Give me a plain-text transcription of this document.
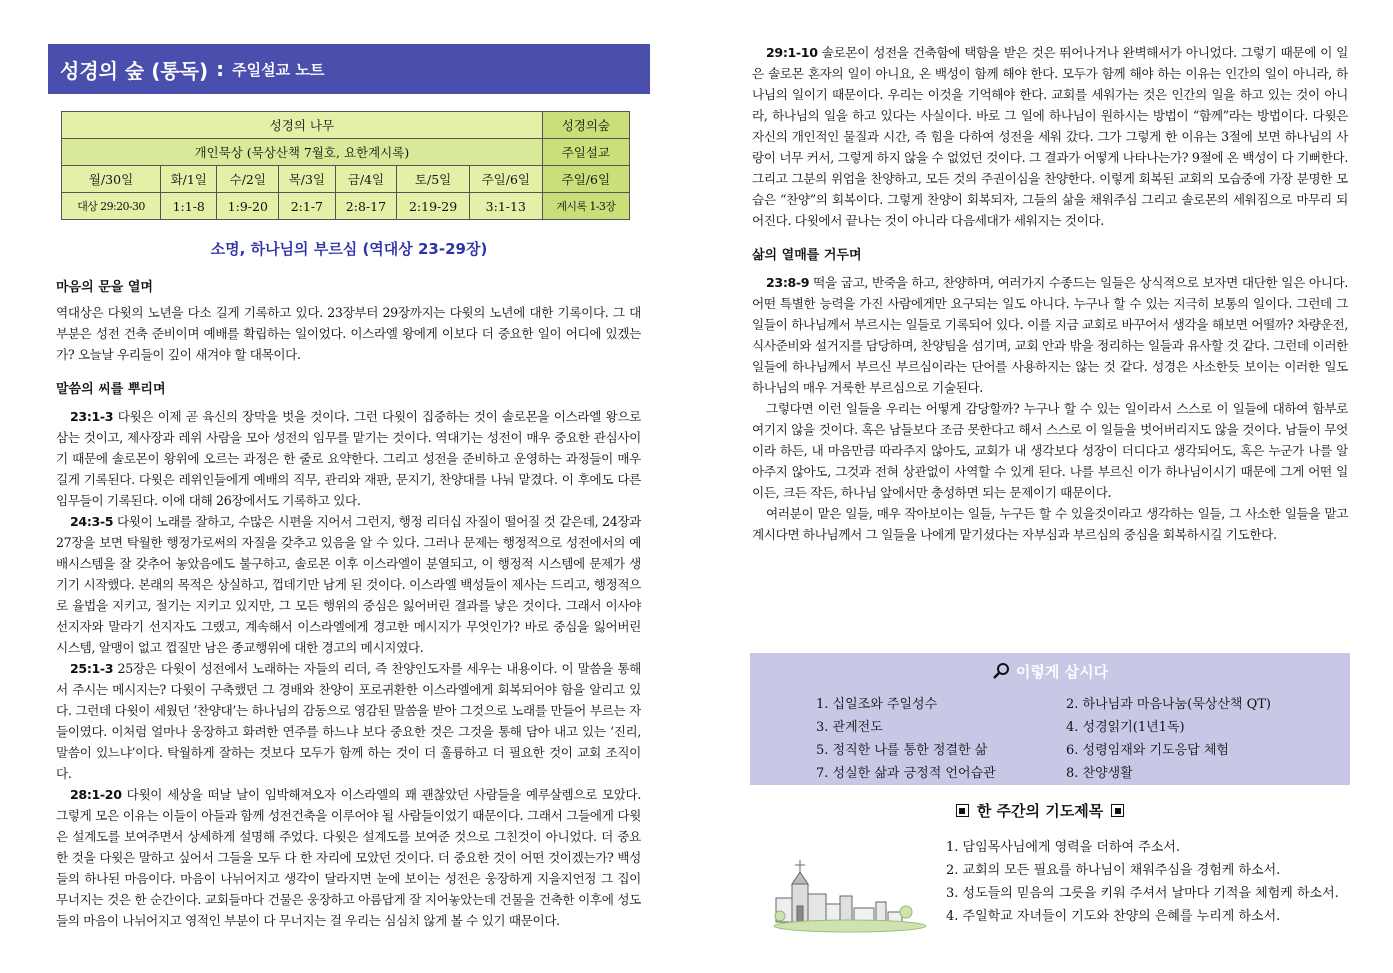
성경의 숲 (통독) : 주일설교 노트
성경의 나무							성경의숲
개인묵상 (묵상산책 7월호, 요한계시록)							주일설교
월/30일	화/1일	수/2일	목/3일	금/4일	토/5일	주일/6일	주일/6일
대상 29:20-30	1:1-8	1:9-20	2:1-7	2:8-17	2:19-29	3:1-13	계시록 1-3장
소명, 하나님의 부르심 (역대상 23-29장)
마음의 문을 열며
역대상은 다윗의 노년을 다소 길게 기록하고 있다. 23장부터 29장까지는 다윗의 노년에 대한 기록이다. 그 대부분은 성전 건축 준비이며 예배를 확립하는 일이었다. 이스라엘 왕에게 이보다 더 중요한 일이 어디에 있겠는가? 오늘날 우리들이 깊이 새겨야 할 대목이다.
말씀의 씨를 뿌리며
23:1-3 다윗은 이제 곧 육신의 장막을 벗을 것이다. 그런 다윗이 집중하는 것이 솔로몬을 이스라엘 왕으로 삼는 것이고, 제사장과 레위 사람을 모아 성전의 임무를 맡기는 것이다. 역대기는 성전이 매우 중요한 관심사이기 때문에 솔로몬이 왕위에 오르는 과정은 한 줄로 요약한다. 그리고 성전을 준비하고 운영하는 과정들이 매우 길게 기록된다. 다윗은 레위인들에게 예배의 직무, 관리와 재판, 문지기, 찬양대를 나눠 맡겼다. 이 후에도 다른 임무들이 기록된다. 이에 대해 26장에서도 기록하고 있다.
24:3-5 다윗이 노래를 잘하고, 수많은 시편을 지어서 그런지, 행정 리더십 자질이 떨어질 것 같은데, 24장과 27장을 보면 탁월한 행정가로써의 자질을 갖추고 있음을 알 수 있다. 그러나 문제는 행정적으로 성전에서의 예배시스템을 잘 갖추어 놓았음에도 불구하고, 솔로몬 이후 이스라엘이 분열되고, 이 행정적 시스템에 문제가 생기기 시작했다. 본래의 목적은 상실하고, 껍데기만 남게 된 것이다. 이스라엘 백성들이 제사는 드리고, 행정적으로 율법을 지키고, 절기는 지키고 있지만, 그 모든 행위의 중심은 잃어버린 결과를 낳은 것이다. 그래서 이사야 선지자와 말라기 선지자도 그랬고, 계속해서 이스라엘에게 경고한 메시지가 무엇인가? 바로 중심을 잃어버린 시스템, 알맹이 없고 껍질만 남은 종교행위에 대한 경고의 메시지였다.
25:1-3 25장은 다윗이 성전에서 노래하는 자들의 리더, 즉 찬양인도자를 세우는 내용이다. 이 말씀을 통해서 주시는 메시지는? 다윗이 구축했던 그 경배와 찬양이 포로귀환한 이스라엘에게 회복되어야 함을 알리고 있다. 그런데 다윗이 세웠던 ‘찬양대’는 하나님의 감동으로 영감된 말씀을 받아 그것으로 노래를 만들어 부르는 자들이였다. 이처럼 얼마나 웅장하고 화려한 연주를 하느냐 보다 중요한 것은 그것을 통해 담아 내고 있는 ‘진리, 말씀이 있느냐’이다. 탁월하게 잘하는 것보다 모두가 함께 하는 것이 더 훌륭하고 더 필요한 것이 교회 조직이다.
28:1-20 다윗이 세상을 떠날 날이 임박해져오자 이스라엘의 꽤 괜찮았던 사람들을 예루살렘으로 모았다. 그렇게 모은 이유는 이들이 아들과 함께 성전건축을 이루어야 될 사람들이었기 때문이다. 그래서 그들에게 다윗은 설계도를 보여주면서 상세하게 설명해 주었다. 다윗은 설계도를 보여준 것으로 그친것이 아니었다. 더 중요한 것을 다윗은 말하고 싶어서 그들을 모두 다 한 자리에 모았던 것이다. 더 중요한 것이 어떤 것이겠는가? 백성들의 하나된 마음이다. 마음이 나뉘어지고 생각이 달라지면 눈에 보이는 성전은 웅장하게 지을지언정 그 집이 무너지는 것은 한 순간이다. 교회들마다 건물은 웅장하고 아름답게 잘 지어놓았는데 건물을 건축한 이후에 성도들의 마음이 나뉘어지고 영적인 부분이 다 무너지는 걸 우리는 심심치 않게 볼 수 있기 때문이다.
29:1-10 솔로몬이 성전을 건축함에 택함을 받은 것은 뛰어나거나 완벽해서가 아니었다. 그렇기 때문에 이 일은 솔로몬 혼자의 일이 아니요, 온 백성이 함께 해야 한다. 모두가 함께 해야 하는 이유는 인간의 일이 아니라, 하나님의 일이기 때문이다. 우리는 이것을 기억해야 한다. 교회를 세워가는 것은 인간의 일을 하고 있는 것이 아니라, 하나님의 일을 하고 있다는 사실이다. 바로 그 일에 하나님이 원하시는 방법이 “함께”라는 방법이다. 다윗은 자신의 개인적인 물질과 시간, 즉 힘을 다하여 성전을 세워 갔다. 그가 그렇게 한 이유는 3절에 보면 하나님의 사랑이 너무 커서, 그렇게 하지 않을 수 없었던 것이다. 그 결과가 어떻게 나타나는가? 9절에 온 백성이 다 기뻐한다. 그리고 그분의 위엄을 찬양하고, 모든 것의 주권이심을 찬양한다. 이렇게 회복된 교회의 모습중에 가장 분명한 모습은 “찬양”의 회복이다. 그렇게 찬양이 회복되자, 그들의 삶을 채워주심 그리고 솔로몬의 세워짐으로 마무리 되어진다. 다윗에서 끝나는 것이 아니라 다음세대가 세워지는 것이다.
삶의 열매를 거두며
23:8-9 떡을 굽고, 반죽을 하고, 찬양하며, 여러가지 수종드는 일들은 상식적으로 보자면 대단한 일은 아니다. 어떤 특별한 능력을 가진 사람에게만 요구되는 일도 아니다. 누구나 할 수 있는 지극히 보통의 일이다. 그런데 그 일들이 하나님께서 부르시는 일들로 기록되어 있다. 이를 지금 교회로 바꾸어서 생각을 해보면 어떨까? 차량운전, 식사준비와 설거지를 담당하며, 찬양팀을 섬기며, 교회 안과 밖을 정리하는 일들과 유사할 것 같다. 그런데 이러한 일들에 하나님께서 부르신 부르심이라는 단어를 사용하지는 않는 것 같다. 성경은 사소한듯 보이는 이러한 일도 하나님의 매우 거룩한 부르심으로 기술된다.
그렇다면 이런 일들을 우리는 어떻게 감당할까? 누구나 할 수 있는 일이라서 스스로 이 일들에 대하여 함부로 여기지 않을 것이다. 혹은 남들보다 조금 못한다고 해서 스스로 이 일들을 벗어버리지도 않을 것이다. 남들이 무엇이라 하든, 내 마음만큼 따라주지 않아도, 교회가 내 생각보다 성장이 더디다고 생각되어도, 혹은 누군가 나를 알아주지 않아도, 그것과 전혀 상관없이 사역할 수 있게 된다. 나를 부르신 이가 하나님이시기 때문에 그게 어떤 일이든, 크든 작든, 하나님 앞에서만 충성하면 되는 문제이기 때문이다.
여러분이 맡은 일들, 매우 작아보이는 일들, 누구든 할 수 있을것이라고 생각하는 일들, 그 사소한 일들을 맡고 계시다면 하나님께서 그 일들을 나에게 맡기셨다는 자부심과 부르심의 중심을 회복하시길 기도한다.
이렇게 삽시다
1. 십일조와 주일성수	2. 하나님과 마음나눔(묵상산책 QT)
3. 관계전도	4. 성경읽기(1년1독)
5. 정직한 나를 통한 정결한 삶	6. 성령임재와 기도응답 체험
7. 성실한 삶과 긍정적 언어습관	8. 찬양생활
한 주간의 기도제목
1. 담임목사님에게 영력을 더하여 주소서.
2. 교회의 모든 필요를 하나님이 채워주심을 경험케 하소서.
3. 성도들의 믿음의 그릇을 키워 주셔서 날마다 기적을 체험케 하소서.
4. 주일학교 자녀들이 기도와 찬양의 은혜를 누리게 하소서.
